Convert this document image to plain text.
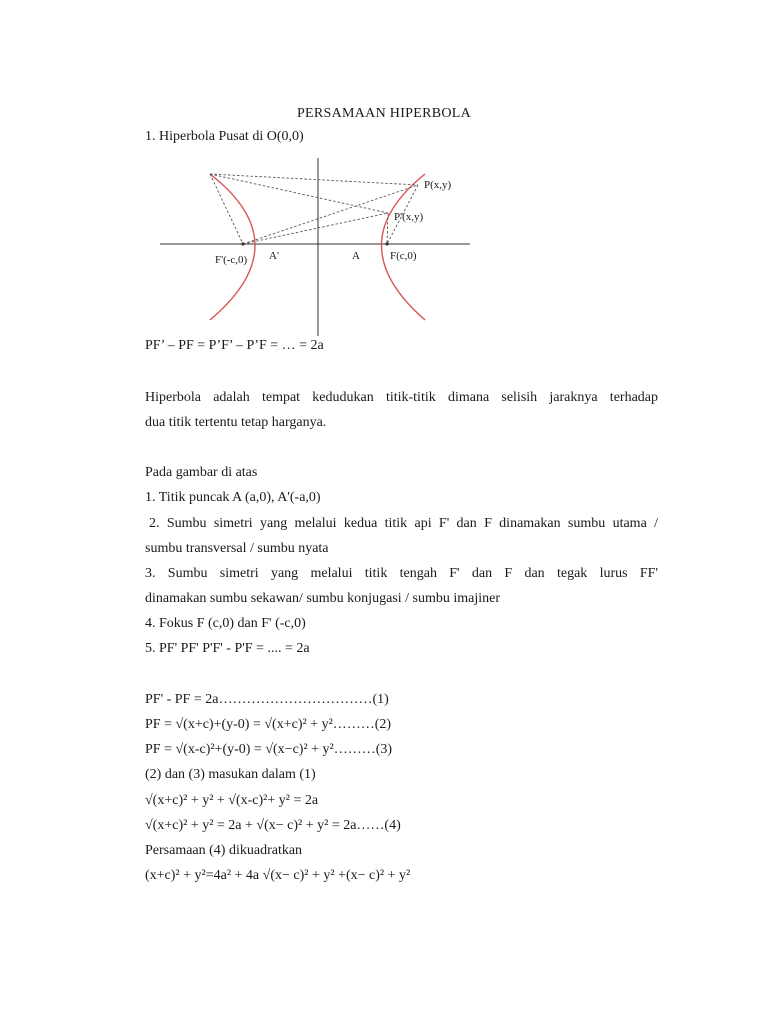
PERSAMAAN HIPERBOLA
1. Hiperbola Pusat di O(0,0)
P(x,y)
P'(x,y)
F'(-c,0) A'	A	F(c,0)
PF’ – PF = P’F’ – P’F = … = 2a
Hiperbola adalah tempat kedudukan titik-titik dimana selisih jaraknya terhadap
dua titik tertentu tetap harganya.
Pada gambar di atas
1. Titik puncak A (a,0), A'(-a,0)
2. Sumbu simetri yang melalui kedua titik api F' dan F dinamakan sumbu utama /
sumbu transversal / sumbu nyata
3. Sumbu simetri yang melalui titik tengah F' dan F dan tegak lurus FF'
dinamakan sumbu sekawan/ sumbu konjugasi / sumbu imajiner
4. Fokus F (c,0) dan F' (-c,0)
5. PF' PF' P'F' - P'F = .... = 2a
PF' - PF = 2a……………………………(1)
PF = √(x+c)+(y-0) = √(x+c)² + y²………(2)
PF = √(x-c)²+(y-0) = √(x−c)² + y²………(3)
(2) dan (3) masukan dalam (1)
√(x+c)² + y² + √(x-c)²+ y² = 2a
√(x+c)² + y² = 2a + √(x− c)² + y² = 2a……(4)
Persamaan (4) dikuadratkan
(x+c)² + y²=4a² + 4a √(x− c)² + y² +(x− c)² + y²
